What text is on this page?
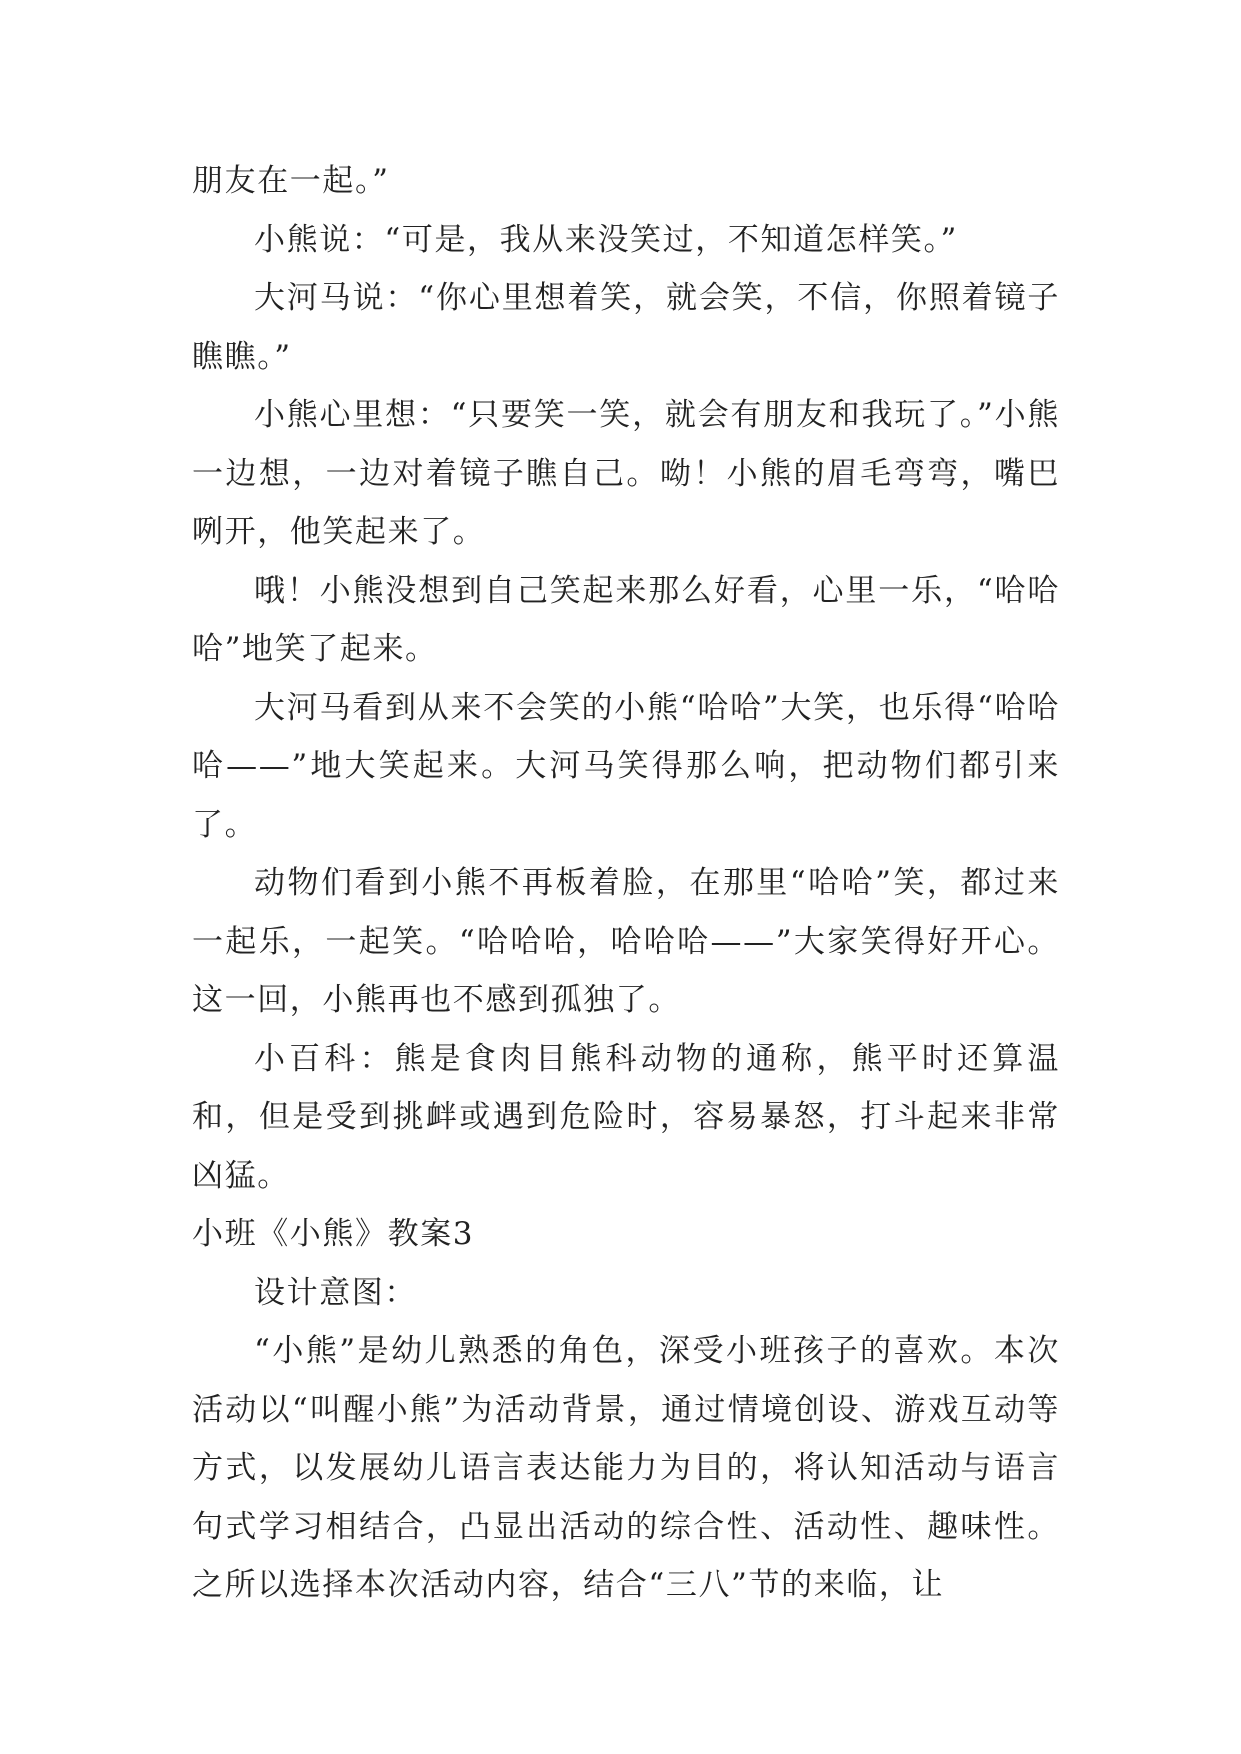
朋友在一起。”

小熊说：“可是，我从来没笑过，不知道怎样笑。”

大河马说：“你心里想着笑，就会笑，不信，你照着镜子瞧瞧。”

小熊心里想：“只要笑一笑，就会有朋友和我玩了。”小熊一边想，一边对着镜子瞧自己。呦！小熊的眉毛弯弯，嘴巴咧开，他笑起来了。

哦！小熊没想到自己笑起来那么好看，心里一乐，“哈哈哈”地笑了起来。

大河马看到从来不会笑的小熊“哈哈”大笑，也乐得“哈哈哈——”地大笑起来。大河马笑得那么响，把动物们都引来了。

动物们看到小熊不再板着脸，在那里“哈哈”笑，都过来一起乐，一起笑。“哈哈哈，哈哈哈——”大家笑得好开心。这一回，小熊再也不感到孤独了。

小百科：熊是食肉目熊科动物的通称，熊平时还算温和，但是受到挑衅或遇到危险时，容易暴怒，打斗起来非常凶猛。

小班《小熊》教案3

设计意图：

“小熊”是幼儿熟悉的角色，深受小班孩子的喜欢。本次活动以“叫醒小熊”为活动背景，通过情境创设、游戏互动等方式，以发展幼儿语言表达能力为目的，将认知活动与语言句式学习相结合，凸显出活动的综合性、活动性、趣味性。之所以选择本次活动内容，结合“三八”节的来临，让
